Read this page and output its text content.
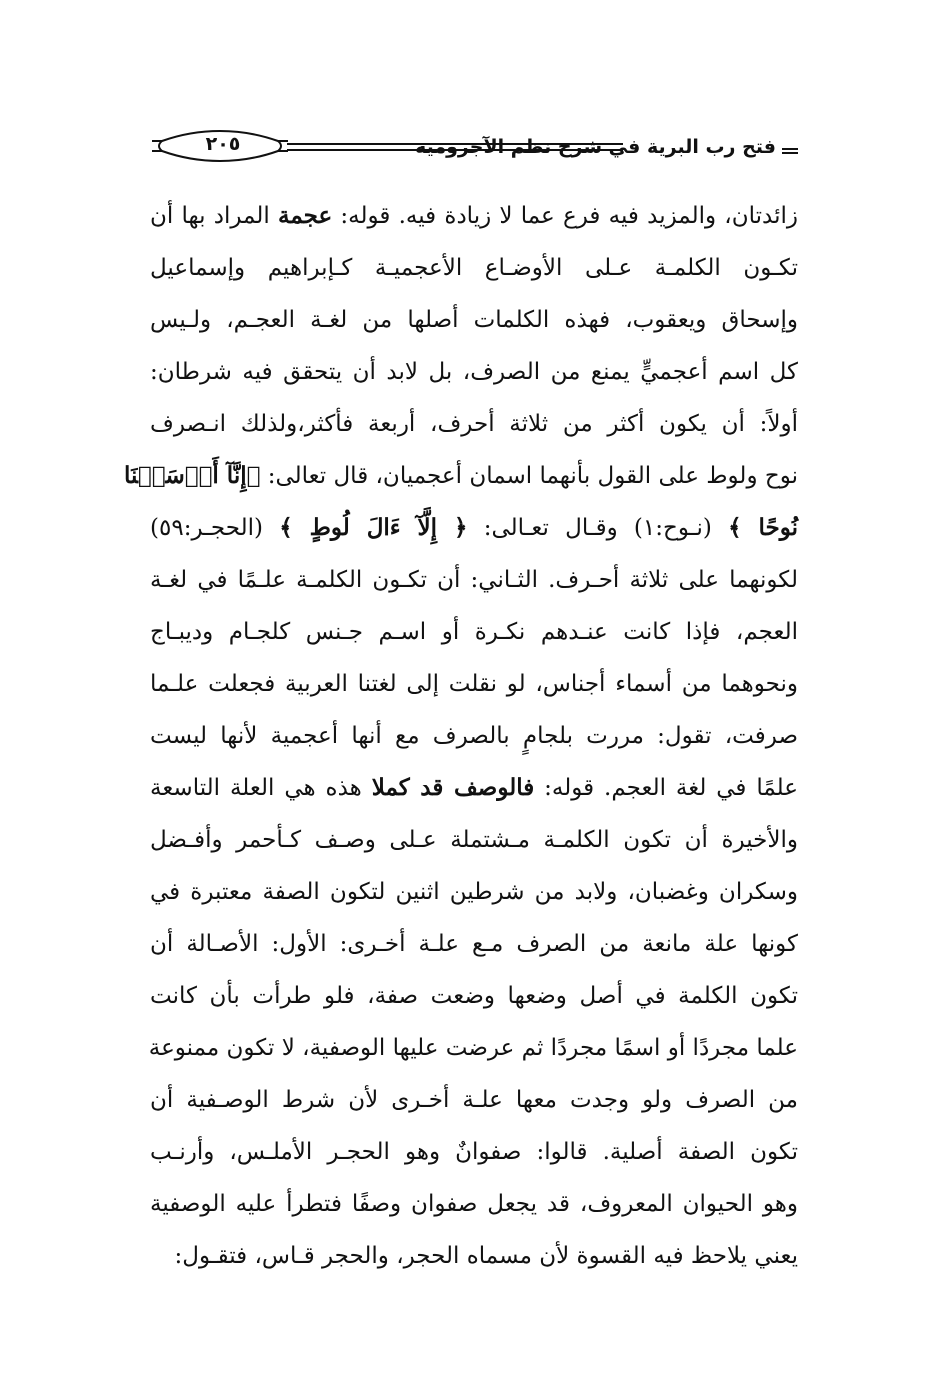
فتح رب البرية في شرح نظم الآجرومية
٢٠٥
زائدتان، والمزيد فيه فرع عما لا زيادة فيه. قوله: عجمة المراد بها أن
تكـون الكلمـة عـلى الأوضـاع الأعجميـة كـإبراهيم وإسماعيل
وإسحاق ويعقوب، فهذه الكلمات أصلها من لغـة العجـم، ولـيس
كل اسم أعجميٍّ يمنع من الصرف، بل لابد أن يتحقق فيه شرطان:
أولاً: أن يكون أكثر من ثلاثة أحرف، أربعة فأكثر،ولذلك انـصرف
نوح ولوط على القول بأنهما اسمان أعجميان، قال تعالى: ﴿إِنَّآ أَرۡسَلۡنَا
نُوحًا ﴾ (نـوح:١) وقـال تعـالى: ﴿ إِلَّآ ءَالَ لُوطٍ ﴾ (الحجـر:٥٩)
لكونهما على ثلاثة أحـرف. الثـاني: أن تكـون الكلمـة علـمًا في لغـة
العجم، فإذا كانت عنـدهم نكـرة أو اسـم جـنس كلجـام وديبـاج
ونحوهما من أسماء أجناس، لو نقلت إلى لغتنا العربية فجعلت علـما
صرفت، تقول: مررت بلجامٍ بالصرف مع أنها أعجمية لأنها ليست
علمًا في لغة العجم. قوله: فالوصف قد كملا هذه هي العلة التاسعة
والأخيرة أن تكون الكلمـة مـشتملة عـلى وصـف كـأحمر وأفـضل
وسكران وغضبان، ولابد من شرطين اثنين لتكون الصفة معتبرة في
كونها علة مانعة من الصرف مـع علـة أخـرى: الأول: الأصـالة أن
تكون الكلمة في أصل وضعها وضعت صفة، فلو طرأت بأن كانت
علما مجردًا أو اسمًا مجردًا ثم عرضت عليها الوصفية، لا تكون ممنوعة
من الصرف ولو وجدت معها علـة أخـرى لأن شرط الوصـفية أن
تكون الصفة أصلية. قالوا: صفوانٌ وهو الحجـر الأملـس، وأرنـب
وهو الحيوان المعروف، قد يجعل صفوان وصفًا فتطرأ عليه الوصفية
يعني يلاحظ فيه القسوة لأن مسماه الحجر، والحجر قـاس، فتقـول:
